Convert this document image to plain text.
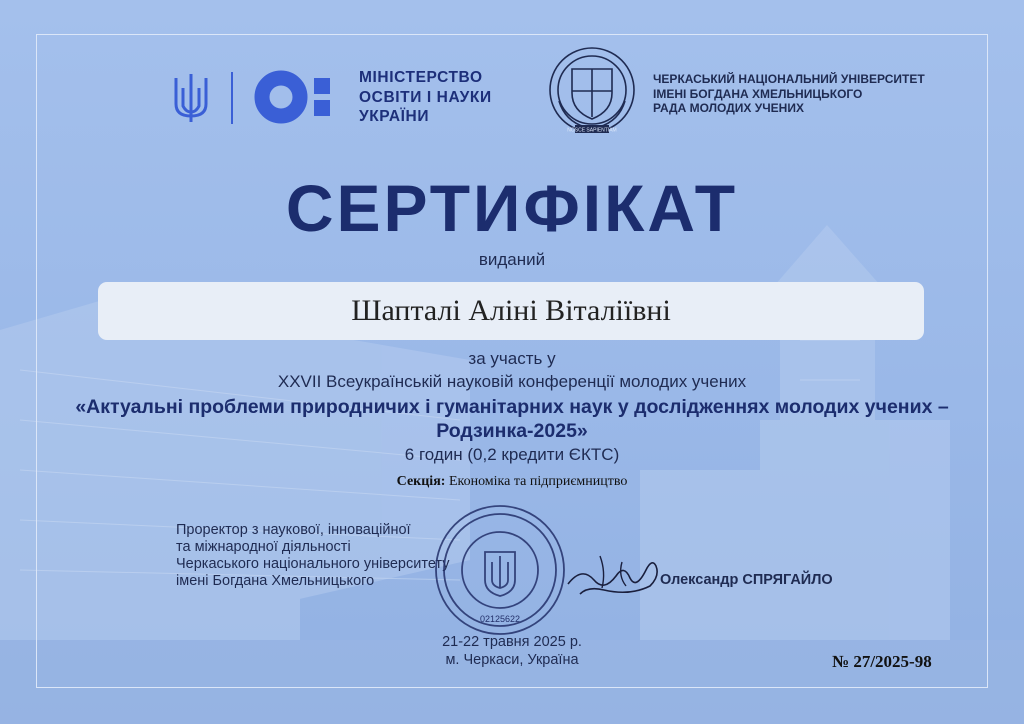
МІНІСТЕРСТВО
ОСВІТИ І НАУКИ
УКРАЇНИ
NOSCE SAPIENTIAM
ЧЕРКАСЬКИЙ НАЦІОНАЛЬНИЙ УНІВЕРСИТЕТ
ІМЕНІ БОГДАНА ХМЕЛЬНИЦЬКОГО
РАДА МОЛОДИХ УЧЕНИХ
СЕРТИФІКАТ
виданий
Шапталі Аліні Віталіївні
за участь у
XXVII Всеукраїнській науковій конференції молодих учених
«Актуальні проблеми природничих і гуманітарних наук у дослідженнях молодих учених – Родзинка-2025»
6 годин (0,2 кредити ЄКТС)
Секція: Економіка та підприємництво
Проректор з наукової, інноваційної
та міжнародної діяльності
Черкаського національного університету
імені Богдана Хмельницького
02125622
Олександр СПРЯГАЙЛО
21-22 травня 2025 р.
м. Черкаси, Україна	№ 27/2025-98
